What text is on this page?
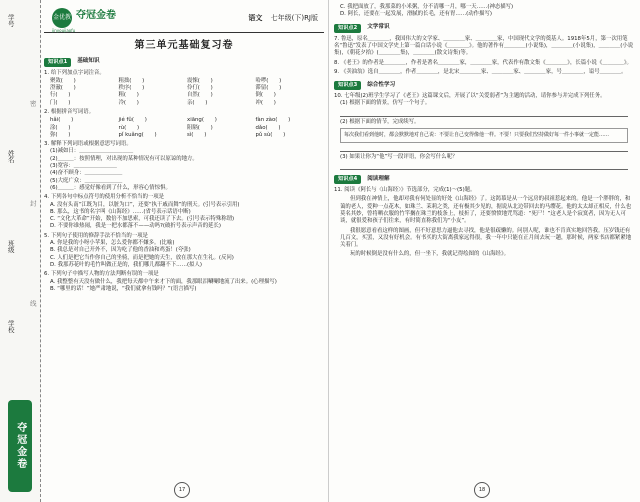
学号
姓名
班级
学校
密
封
线
夺冠金卷
金优教辅
夺冠金卷
jinyoujiaofu
语文 七年级(下)RJ版
第三单元基础复习卷
知识点1	基础知识
1. 给下列加点字词注音。
聚敛(　　)	粗拙(　　)	震悚(　　)	哈啰(　　)
澄澈(　　)	秩序(　　)	伶仃(　　)	滞留(　　)
行(　　)	粗(　　)	自然(　　)	倒(　　)
门(　　)	冷(　　)	亲(　　)	冲(　　)
2. 根据拼音写词语。
hǎi(　　)	jié fǔ(　　)	xiāng(　　)	fàn zào(　　)
涂(　　)	rù(　　)	阻隔(　　)	dǎo(　　)
弥(　　)	pǐ kuǎng(　　)	sì(　　)	pǔ sù(　　)
3. 解释下列词语或根据意思写词语。
(1)减如日：＿＿＿＿＿＿＿＿＿＿
(2)＿＿＿：按照情理，对出现的某种情况有可以原谅的地方。
(3)宽容：＿＿＿＿＿＿＿＿
(4)奋不顾身：＿＿＿＿＿＿＿
(5)大庭广众：＿＿＿＿＿＿＿
(6)＿＿＿：感觉好像看到了什么，形容心情惊惧。
4. 下列各句中标点符号的使用分析不恰当的一项是
A. 没有头南“江既为目，以脏为口”，还要“执干戚而舞”的刑天。(引号表示引用)
B. 那么，这书的名字叫《山海经》……(省号表示话语中断)
C. “文化大革命”开始，数倍不加思索，可我还读了下去。(引号表示特殊称谓)
D. 不要你谁热闹，我是一把水都落不——动吗?(破折号表示声音的延长)
5. 下列句子使用的修辞手法不恰当的一项是
A. 你是我的小呀小苹果，怎么爱你都不嫌多。(比喻)
B. 我总是对自己开外不，因为吃了他的香油和鸡蛋！(夸张)
C. 人们是把它当作你自己的坐骑，而是把她的天生，放在那大在生礼。(反问)
D. 我那苏花叶的毛竹叫做正是的，我们哪儿都翻不下……(拟人)
6. 下列句子中描写人物的方法判断有误的一项是
A. 我整整有天没有做什么，我把每天都中午来才下的面，我那眼泪唰唰地流了出来。(心理描写)
B. “哪里的话！”她严肃地说，“我们就拿有钱吗？”(语言描写)
17
C. 我把面放了，我那菜的小米粥，分不清哪一月，哪一天……(神态描写)
D. 阿长，还要在一起发展，滑腻的长毛，还有胃……(动作描写)
知识点2	文学常识
7. 鲁迅，原名＿＿＿＿，我国伟大的文学家、＿＿＿＿家、＿＿＿＿家，中国现代文学的奠基人。1918年5月，第一次用笔名“鲁迅”发表了中国文学史上第一篇白话小说《＿＿＿＿》。他的著作有＿＿＿＿(小说集)，＿＿＿＿(小说集)，＿＿＿＿(小说集)，《朝花夕拾》(＿＿＿＿集)，＿＿＿＿(散文诗集)等。
8. 《老王》的作者是＿＿＿＿，作者是著名＿＿＿＿家，＿＿＿＿家，代表作有散文集《＿＿＿＿》，长篇小说《＿＿＿＿》。
9. 《卖油翁》选自＿＿＿＿，作者＿＿＿＿，是北宋＿＿＿＿家、＿＿＿＿家、＿＿＿＿家，号＿＿＿＿，谥号＿＿＿＿。
知识点3	综合性学习
10. 七年级(2)班学生学习了《老王》这篇课文后，开展了以“关爱弱者”为主题的活动，请你参与并完成下列任务。
(1) 根据下面的情景，仿写一个句子。
(2) 根据下面的情节，完成续写。
每次我们看到他时，都会默默地对自己说：不要让自己变得像他一样。不要！只要我们坚持做好每一件小事就一定能……
(3) 如果让你为“他”写一段评语，你会写什么呢？
知识点4	阅读理解
11. 阅读《阿长与〈山海经〉》节选部分，完成(1)～(5)题。
但到我在神情上，他却对我有何处显的好处《山海经》了。这渴慕是从一个远房的叔祖惹起来的。他是一个胖胖的，和蔼的老人，爱种一点花木，如珠兰、茉莉之类，还有极其少见的，据说从北边带回去的马缨花。他的太太却正相反，什么也莫名其妙，曾将晒衣服的竹竿搁在珠兰的枝条上，枝折了，还要愤愤地咒骂道：“死尸！”这老人是个寂寞者，因为无人可谈，就很爱和孩子们往来，有时简直称我们为“小友”。
我很愿意看看这样的图画，但不好意思力逼他去寻找，他是很疏懒的。问别人呢，谁也不肯真实地回答我。压岁钱还有几百文，买罢，又没有好机会。有书买的大街离我家远得很，我一年中只能在正月间去玩一趟，那时候，两家书店都紧紧地关着门。
玩的时候倒是没有什么的，但一坐下，我就记得绘图的《山海经》。
18
